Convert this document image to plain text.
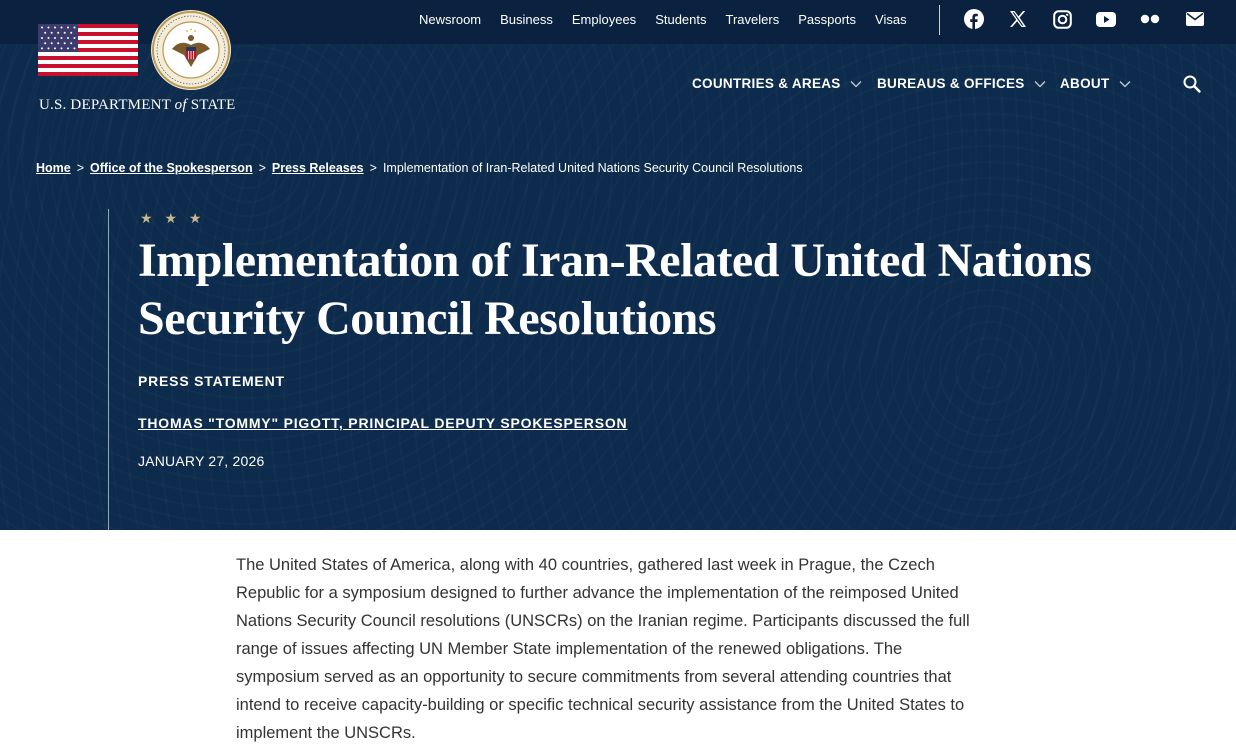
Newsroom Business Employees Students Travelers Passports Visas
U.S. DEPARTMENT of STATE
COUNTRIES & AREAS	BUREAUS & OFFICES	ABOUT
Home > Office of the Spokesperson > Press Releases > Implementation of Iran-Related United Nations Security Council Resolutions
★ ★ ★
Implementation of Iran-Related United Nations Security Council Resolutions
PRESS STATEMENT
THOMAS "TOMMY" PIGOTT, PRINCIPAL DEPUTY SPOKESPERSON
JANUARY 27, 2026

The United States of America, along with 40 countries, gathered last week in Prague, the Czech Republic for a symposium designed to further advance the implementation of the reimposed United Nations Security Council resolutions (UNSCRs) on the Iranian regime. Participants discussed the full range of issues affecting UN Member State implementation of the renewed obligations. The symposium served as an opportunity to secure commitments from several attending countries that intend to receive capacity-building or specific technical security assistance from the United States to implement the UNSCRs.
